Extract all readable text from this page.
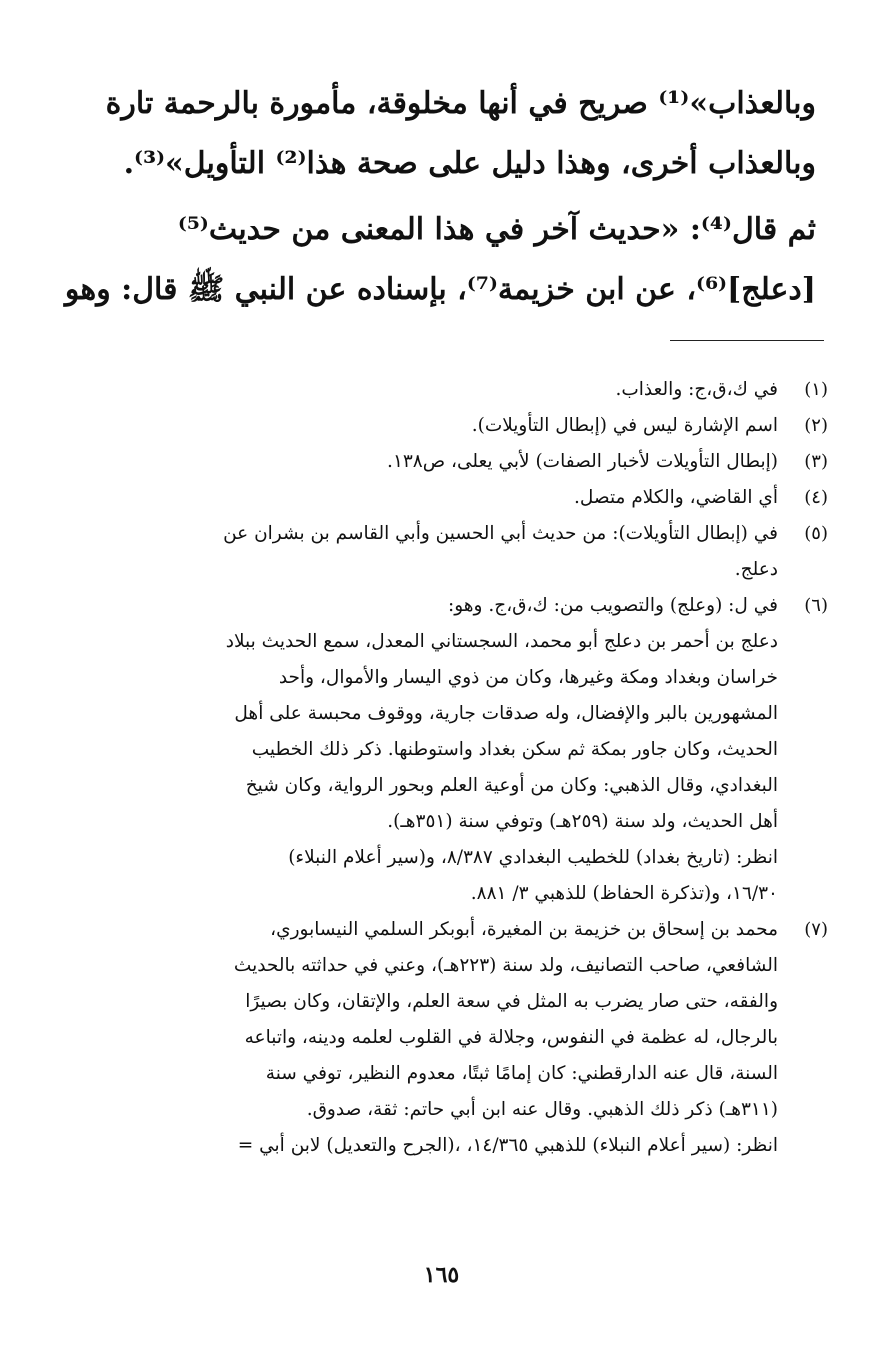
وبالعذاب»⁽¹⁾ صريح في أنها مخلوقة، مأمورة بالرحمة تارة
وبالعذاب أخرى، وهذا دليل على صحة هذا⁽²⁾ التأويل»⁽³⁾.
ثم قال⁽⁴⁾: «حديث آخر في هذا المعنى من حديث⁽⁵⁾
[دعلج]⁽⁶⁾، عن ابن خزيمة⁽⁷⁾، بإسناده عن النبي ﷺ قال: وهو
(١)
في ك،ق،ج: والعذاب.
(٢)
اسم الإشارة ليس في (إبطال التأويلات).
(٣)
(إبطال التأويلات لأخبار الصفات) لأبي يعلى، ص١٣٨.
(٤)
أي القاضي، والكلام متصل.
(٥)
في (إبطال التأويلات): من حديث أبي الحسين وأبي القاسم بن بشران عن
دعلج.
(٦)
في ل: (وعلج) والتصويب من: ك،ق،ج. وهو:
دعلج بن أحمر بن دعلج أبو محمد، السجستاني المعدل، سمع الحديث ببلاد
خراسان وبغداد ومكة وغيرها، وكان من ذوي اليسار والأموال، وأحد
المشهورين بالبر والإفضال، وله صدقات جارية، ووقوف محبسة على أهل
الحديث، وكان جاور بمكة ثم سكن بغداد واستوطنها. ذكر ذلك الخطيب
البغدادي، وقال الذهبي: وكان من أوعية العلم وبحور الرواية، وكان شيخ
أهل الحديث، ولد سنة (٢٥٩هـ) وتوفي سنة (٣٥١هـ).
انظر: (تاريخ بغداد) للخطيب البغدادي ٨/٣٨٧، و(سير أعلام النبلاء)
١٦/٣٠، و(تذكرة الحفاظ) للذهبي ٣/ ٨٨١.
(٧)
محمد بن إسحاق بن خزيمة بن المغيرة، أبوبكر السلمي النيسابوري،
الشافعي، صاحب التصانيف، ولد سنة (٢٢٣هـ)، وعني في حداثته بالحديث
والفقه، حتى صار يضرب به المثل في سعة العلم، والإتقان، وكان بصيرًا
بالرجال، له عظمة في النفوس، وجلالة في القلوب لعلمه ودينه، واتباعه
السنة، قال عنه الدارقطني: كان إمامًا ثبتًا، معدوم النظير، توفي سنة
(٣١١هـ) ذكر ذلك الذهبي. وقال عنه ابن أبي حاتم: ثقة، صدوق.
انظر: (سير أعلام النبلاء) للذهبي ١٤/٣٦٥، ،(الجرح والتعديل) لابن أبي =
١٦٥
